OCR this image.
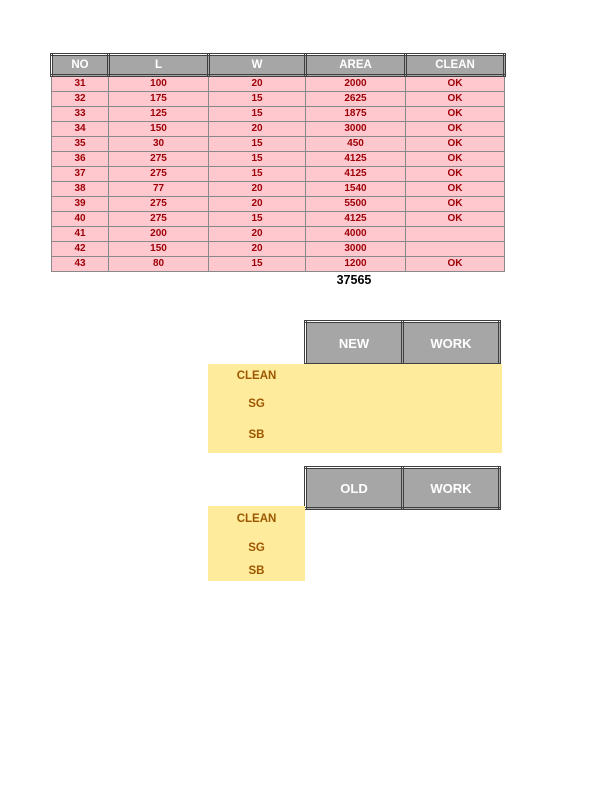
NO	L	W	AREA	CLEAN
31	100	20	2000	OK
32	175	15	2625	OK
33	125	15	1875	OK
34	150	20	3000	OK
35	30	15	450	OK
36	275	15	4125	OK
37	275	15	4125	OK
38	77	20	1540	OK
39	275	20	5500	OK
40	275	15	4125	OK
41	200	20	4000	
42	150	20	3000	
43	80	15	1200	OK
37565
NEW	WORK
CLEAN
SG
SB
OLD	WORK
CLEAN
SG
SB
